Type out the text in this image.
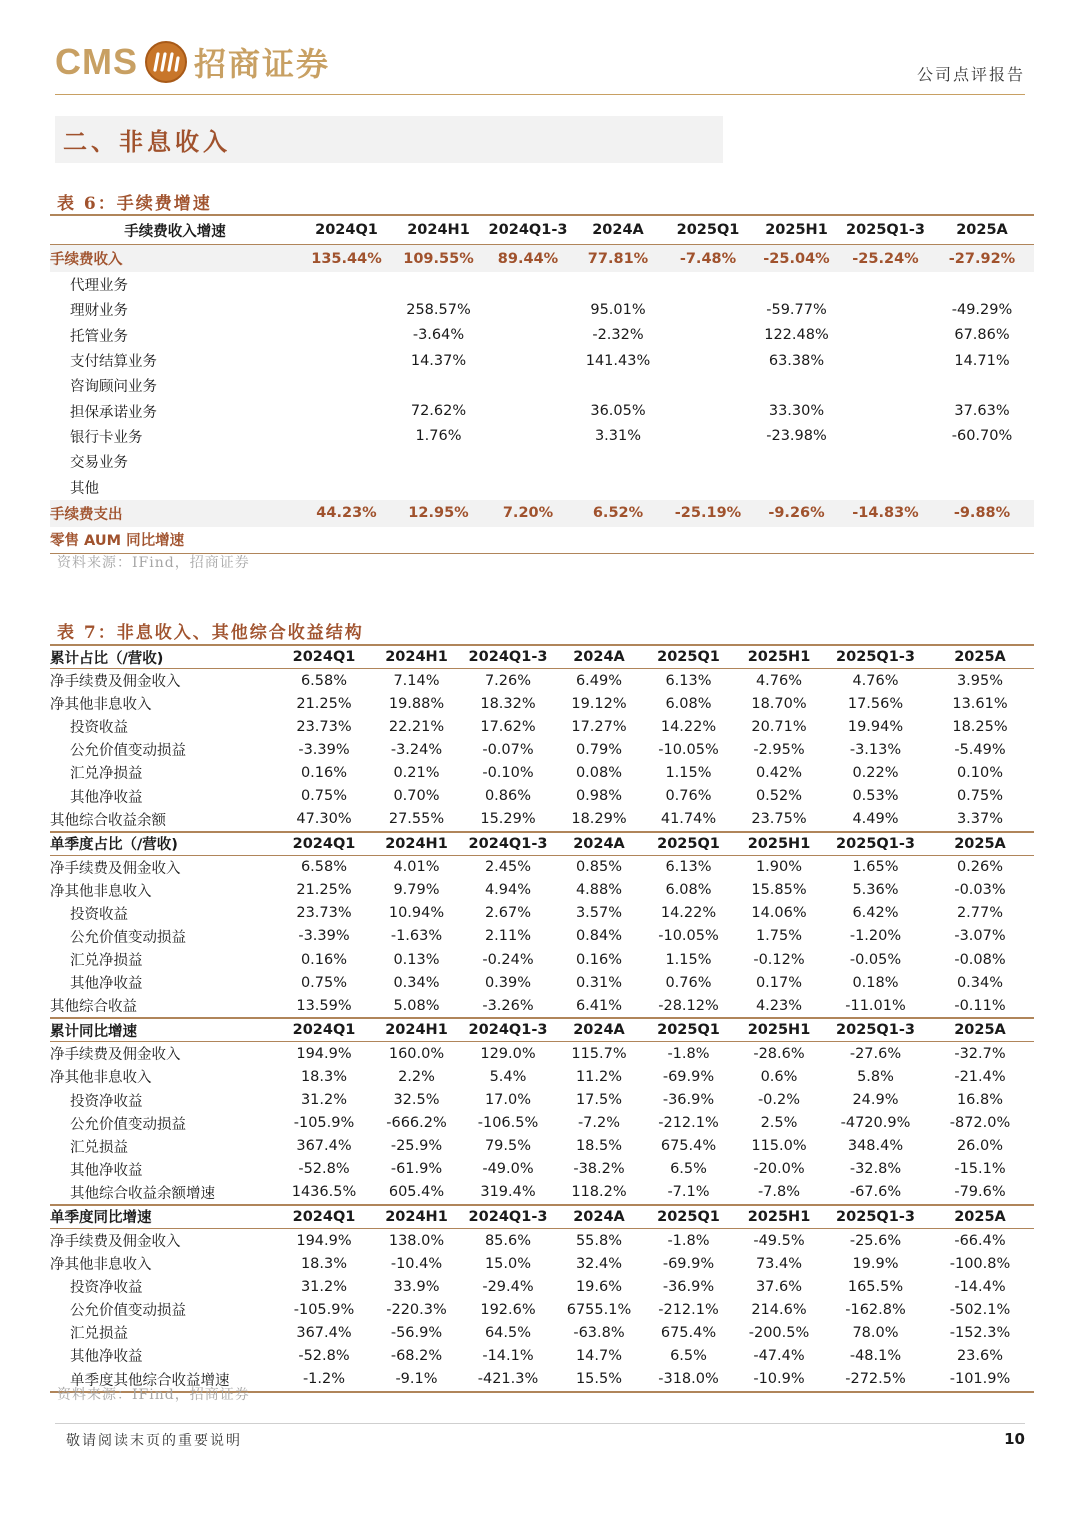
CMS 招商证券	公司点评报告
二、非息收入
表 6：手续费增速
手续费收入增速	2024Q1	2024H1	2024Q1-3	2024A	2025Q1	2025H1	2025Q1-3	2025A
手续费收入	135.44%	109.55%	89.44%	77.81%	-7.48%	-25.04%	-25.24%	-27.92%
代理业务								
理财业务		258.57%		95.01%		-59.77%		-49.29%
托管业务		-3.64%		-2.32%		122.48%		67.86%
支付结算业务		14.37%		141.43%		63.38%		14.71%
咨询顾问业务								
担保承诺业务		72.62%		36.05%		33.30%		37.63%
银行卡业务		1.76%		3.31%		-23.98%		-60.70%
交易业务								
其他								
手续费支出	44.23%	12.95%	7.20%	6.52%	-25.19%	-9.26%	-14.83%	-9.88%
零售 AUM 同比增速								
资料来源：IFind，招商证券
表 7：非息收入、其他综合收益结构
累计占比（/营收)	2024Q1	2024H1	2024Q1-3	2024A	2025Q1	2025H1	2025Q1-3	2025A
净手续费及佣金收入	6.58%	7.14%	7.26%	6.49%	6.13%	4.76%	4.76%	3.95%
净其他非息收入	21.25%	19.88%	18.32%	19.12%	6.08%	18.70%	17.56%	13.61%
投资收益	23.73%	22.21%	17.62%	17.27%	14.22%	20.71%	19.94%	18.25%
公允价值变动损益	-3.39%	-3.24%	-0.07%	0.79%	-10.05%	-2.95%	-3.13%	-5.49%
汇兑净损益	0.16%	0.21%	-0.10%	0.08%	1.15%	0.42%	0.22%	0.10%
其他净收益	0.75%	0.70%	0.86%	0.98%	0.76%	0.52%	0.53%	0.75%
其他综合收益余额	47.30%	27.55%	15.29%	18.29%	41.74%	23.75%	4.49%	3.37%
单季度占比（/营收)	2024Q1	2024H1	2024Q1-3	2024A	2025Q1	2025H1	2025Q1-3	2025A
净手续费及佣金收入	6.58%	4.01%	2.45%	0.85%	6.13%	1.90%	1.65%	0.26%
净其他非息收入	21.25%	9.79%	4.94%	4.88%	6.08%	15.85%	5.36%	-0.03%
投资收益	23.73%	10.94%	2.67%	3.57%	14.22%	14.06%	6.42%	2.77%
公允价值变动损益	-3.39%	-1.63%	2.11%	0.84%	-10.05%	1.75%	-1.20%	-3.07%
汇兑净损益	0.16%	0.13%	-0.24%	0.16%	1.15%	-0.12%	-0.05%	-0.08%
其他净收益	0.75%	0.34%	0.39%	0.31%	0.76%	0.17%	0.18%	0.34%
其他综合收益	13.59%	5.08%	-3.26%	6.41%	-28.12%	4.23%	-11.01%	-0.11%
累计同比增速	2024Q1	2024H1	2024Q1-3	2024A	2025Q1	2025H1	2025Q1-3	2025A
净手续费及佣金收入	194.9%	160.0%	129.0%	115.7%	-1.8%	-28.6%	-27.6%	-32.7%
净其他非息收入	18.3%	2.2%	5.4%	11.2%	-69.9%	0.6%	5.8%	-21.4%
投资净收益	31.2%	32.5%	17.0%	17.5%	-36.9%	-0.2%	24.9%	16.8%
公允价值变动损益	-105.9%	-666.2%	-106.5%	-7.2%	-212.1%	2.5%	-4720.9%	-872.0%
汇兑损益	367.4%	-25.9%	79.5%	18.5%	675.4%	115.0%	348.4%	26.0%
其他净收益	-52.8%	-61.9%	-49.0%	-38.2%	6.5%	-20.0%	-32.8%	-15.1%
其他综合收益余额增速	1436.5%	605.4%	319.4%	118.2%	-7.1%	-7.8%	-67.6%	-79.6%
单季度同比增速	2024Q1	2024H1	2024Q1-3	2024A	2025Q1	2025H1	2025Q1-3	2025A
净手续费及佣金收入	194.9%	138.0%	85.6%	55.8%	-1.8%	-49.5%	-25.6%	-66.4%
净其他非息收入	18.3%	-10.4%	15.0%	32.4%	-69.9%	73.4%	19.9%	-100.8%
投资净收益	31.2%	33.9%	-29.4%	19.6%	-36.9%	37.6%	165.5%	-14.4%
公允价值变动损益	-105.9%	-220.3%	192.6%	6755.1%	-212.1%	214.6%	-162.8%	-502.1%
汇兑损益	367.4%	-56.9%	64.5%	-63.8%	675.4%	-200.5%	78.0%	-152.3%
其他净收益	-52.8%	-68.2%	-14.1%	14.7%	6.5%	-47.4%	-48.1%	23.6%
单季度其他综合收益增速	-1.2%	-9.1%	-421.3%	15.5%	-318.0%	-10.9%	-272.5%	-101.9%
资料来源：IFind，招商证券
敬请阅读末页的重要说明	10
